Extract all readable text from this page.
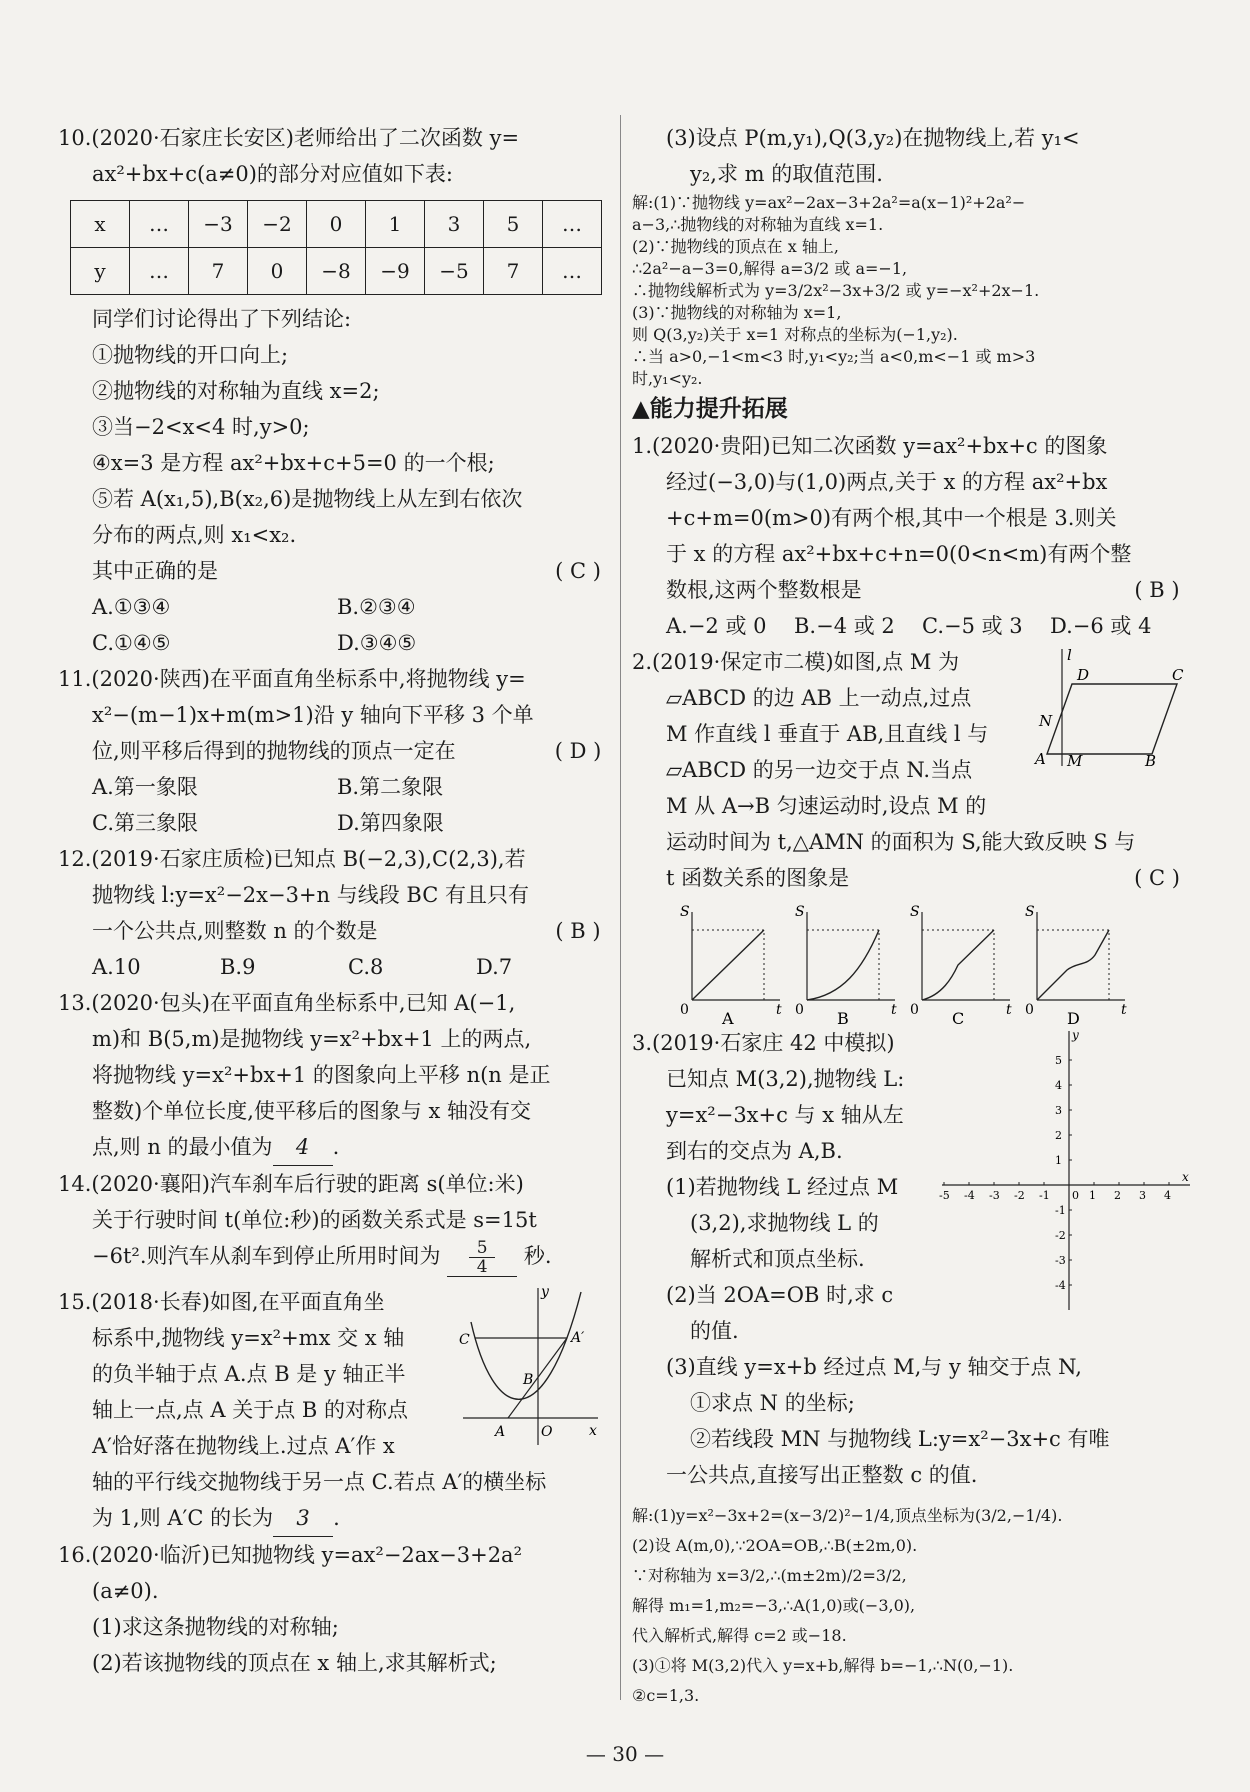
10.(2020·石家庄长安区)老师给出了二次函数 y=
ax²+bx+c(a≠0)的部分对应值如下表:
x	…	−3	−2	0	1	3	5	…
y	…	7	0	−8	−9	−5	7	…
同学们讨论得出了下列结论:
①抛物线的开口向上;
②抛物线的对称轴为直线 x=2;
③当−2<x<4 时,y>0;
④x=3 是方程 ax²+bx+c+5=0 的一个根;
⑤若 A(x₁,5),B(x₂,6)是抛物线上从左到右依次
分布的两点,则 x₁<x₂.
其中正确的是	( C )
A.①③④	B.②③④
C.①④⑤	D.③④⑤
11.(2020·陕西)在平面直角坐标系中,将抛物线 y=
x²−(m−1)x+m(m>1)沿 y 轴向下平移 3 个单
位,则平移后得到的抛物线的顶点一定在	( D )
A.第一象限	B.第二象限
C.第三象限	D.第四象限
12.(2019·石家庄质检)已知点 B(−2,3),C(2,3),若
抛物线 l:y=x²−2x−3+n 与线段 BC 有且只有
一个公共点,则整数 n 的个数是	( B )
A.10	B.9	C.8	D.7
13.(2020·包头)在平面直角坐标系中,已知 A(−1,
m)和 B(5,m)是抛物线 y=x²+bx+1 上的两点,
将抛物线 y=x²+bx+1 的图象向上平移 n(n 是正
整数)个单位长度,使平移后的图象与 x 轴没有交
点,则 n 的最小值为 4 .
14.(2020·襄阳)汽车刹车后行驶的距离 s(单位:米)
关于行驶时间 t(单位:秒)的函数关系式是 s=15t
−6t².则汽车从刹车到停止所用时间为 $\frac{5}{4}$ 秒.
15.(2018·长春)如图,在平面直角坐
标系中,抛物线 y=x²+mx 交 x 轴
的负半轴于点 A.点 B 是 y 轴正半
轴上一点,点 A 关于点 B 的对称点
A′恰好落在抛物线上.过点 A′作 x
轴的平行线交抛物线于另一点 C.若点 A′的横坐标
为 1,则 A′C 的长为 3 .
y
x
O
A
B
C	A′
16.(2020·临沂)已知抛物线 y=ax²−2ax−3+2a²
(a≠0).
(1)求这条抛物线的对称轴;
(2)若该抛物线的顶点在 x 轴上,求其解析式;
(3)设点 P(m,y₁),Q(3,y₂)在抛物线上,若 y₁<
y₂,求 m 的取值范围.
解:(1)∵抛物线 y=ax²−2ax−3+2a²=a(x−1)²+2a²−
a−3,∴抛物线的对称轴为直线 x=1.
(2)∵抛物线的顶点在 x 轴上,
∴2a²−a−3=0,解得 a=3/2 或 a=−1,
∴抛物线解析式为 y=3/2x²−3x+3/2 或 y=−x²+2x−1.
(3)∵抛物线的对称轴为 x=1,
则 Q(3,y₂)关于 x=1 对称点的坐标为(−1,y₂).
∴当 a>0,−1<m<3 时,y₁<y₂;当 a<0,m<−1 或 m>3
时,y₁<y₂.
▲能力提升拓展
1.(2020·贵阳)已知二次函数 y=ax²+bx+c 的图象
经过(−3,0)与(1,0)两点,关于 x 的方程 ax²+bx
+c+m=0(m>0)有两个根,其中一个根是 3.则关
于 x 的方程 ax²+bx+c+n=0(0<n<m)有两个整
数根,这两个整数根是	( B )
A.−2 或 0 B.−4 或 2 C.−5 或 3 D.−6 或 4
2.(2019·保定市二模)如图,点 M 为
▱ABCD 的边 AB 上一动点,过点
M 作直线 l 垂直于 AB,且直线 l 与
▱ABCD 的另一边交于点 N.当点
M 从 A→B 匀速运动时,设点 M 的
运动时间为 t,△AMN 的面积为 S,能大致反映 S 与
t 函数关系的图象是	( C )
l
A M	B
C
D
N
S
t
0 A
S
t
0 B
S
t
0 C
S
t
0 D
3.(2019·石家庄 42 中模拟)
已知点 M(3,2),抛物线 L:
y=x²−3x+c 与 x 轴从左
到右的交点为 A,B.
(1)若抛物线 L 经过点 M
(3,2),求抛物线 L 的
解析式和顶点坐标.
(2)当 2OA=OB 时,求 c
的值.
(3)直线 y=x+b 经过点 M,与 y 轴交于点 N,
①求点 N 的坐标;
②若线段 MN 与抛物线 L:y=x²−3x+c 有唯
一公共点,直接写出正整数 c 的值.
解:(1)y=x²−3x+2=(x−3/2)²−1/4,顶点坐标为(3/2,−1/4).
(2)设 A(m,0),∵2OA=OB,∴B(±2m,0).
∵对称轴为 x=3/2,∴(m±2m)/2=3/2,
解得 m₁=1,m₂=−3,∴A(1,0)或(−3,0),
代入解析式,解得 c=2 或−18.
(3)①将 M(3,2)代入 y=x+b,解得 b=−1,∴N(0,−1).
②c=1,3.
y
x
-5 -4 -3 -2 -1 0 1 2 3 4
5
4
3
2
1
-1
-2
-3
-4
— 30 —
